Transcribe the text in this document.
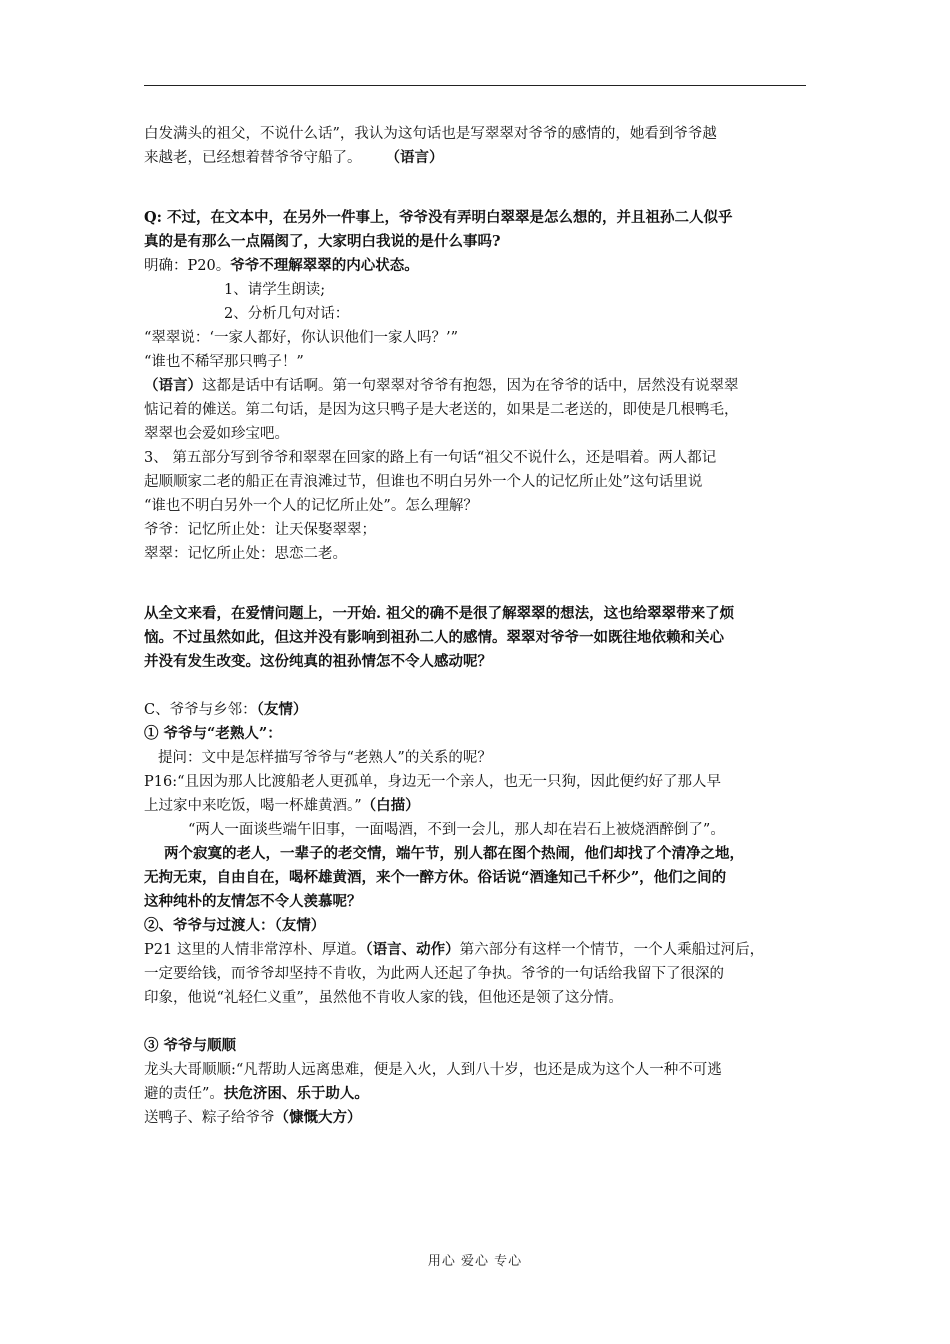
白发满头的祖父，不说什么话”，我认为这句话也是写翠翠对爷爷的感情的，她看到爷爷越

来越老，已经想着替爷爷守船了。 （语言）

Q: 不过，在文本中，在另外一件事上，爷爷没有弄明白翠翠是怎么想的，并且祖孙二人似乎

真的是有那么一点隔阂了，大家明白我说的是什么事吗?

明确：P20。爷爷不理解翠翠的内心状态。

1、请学生朗读;

2、分析几句对话：

“翠翠说：‘一家人都好，你认识他们一家人吗？’”

“谁也不稀罕那只鸭子！”

（语言）这都是话中有话啊。第一句翠翠对爷爷有抱怨，因为在爷爷的话中，居然没有说翠翠

惦记着的傩送。第二句话，是因为这只鸭子是大老送的，如果是二老送的，即使是几根鸭毛，

翠翠也会爱如珍宝吧。

3、 第五部分写到爷爷和翠翠在回家的路上有一句话“祖父不说什么，还是唱着。两人都记

起顺顺家二老的船正在青浪滩过节，但谁也不明白另外一个人的记忆所止处”这句话里说

“谁也不明白另外一个人的记忆所止处”。怎么理解？

爷爷：记忆所止处：让天保娶翠翠；

翠翠：记忆所止处：思恋二老。

从全文来看，在爱情问题上，一开始. 祖父的确不是很了解翠翠的想法，这也给翠翠带来了烦

恼。不过虽然如此，但这并没有影响到祖孙二人的感情。翠翠对爷爷一如既往地依赖和关心

并没有发生改变。这份纯真的祖孙情怎不令人感动呢？

C、爷爷与乡邻：（友情）

① 爷爷与“老熟人”：

提问：文中是怎样描写爷爷与“老熟人”的关系的呢？

P16:“且因为那人比渡船老人更孤单，身边无一个亲人，也无一只狗，因此便约好了那人早

上过家中来吃饭，喝一杯雄黄酒。”（白描）

“两人一面谈些端午旧事，一面喝酒，不到一会儿，那人却在岩石上被烧酒醉倒了”。

两个寂寞的老人，一辈子的老交情，端午节，别人都在图个热闹，他们却找了个清净之地，

无拘无束，自由自在，喝杯雄黄酒，来个一醉方休。俗话说“酒逢知己千杯少”，他们之间的

这种纯朴的友情怎不令人羡慕呢？

②、爷爷与过渡人：（友情）

P21 这里的人情非常淳朴、厚道。（语言、动作）第六部分有这样一个情节，一个人乘船过河后，

一定要给钱，而爷爷却坚持不肯收，为此两人还起了争执。爷爷的一句话给我留下了很深的

印象，他说“礼轻仁义重”，虽然他不肯收人家的钱，但他还是领了这分情。

③ 爷爷与顺顺

龙头大哥顺顺:“凡帮助人远离患难，便是入火，人到八十岁，也还是成为这个人一种不可逃

避的责任”。扶危济困、乐于助人。

送鸭子、粽子给爷爷（慷慨大方）

用心 爱心 专心
